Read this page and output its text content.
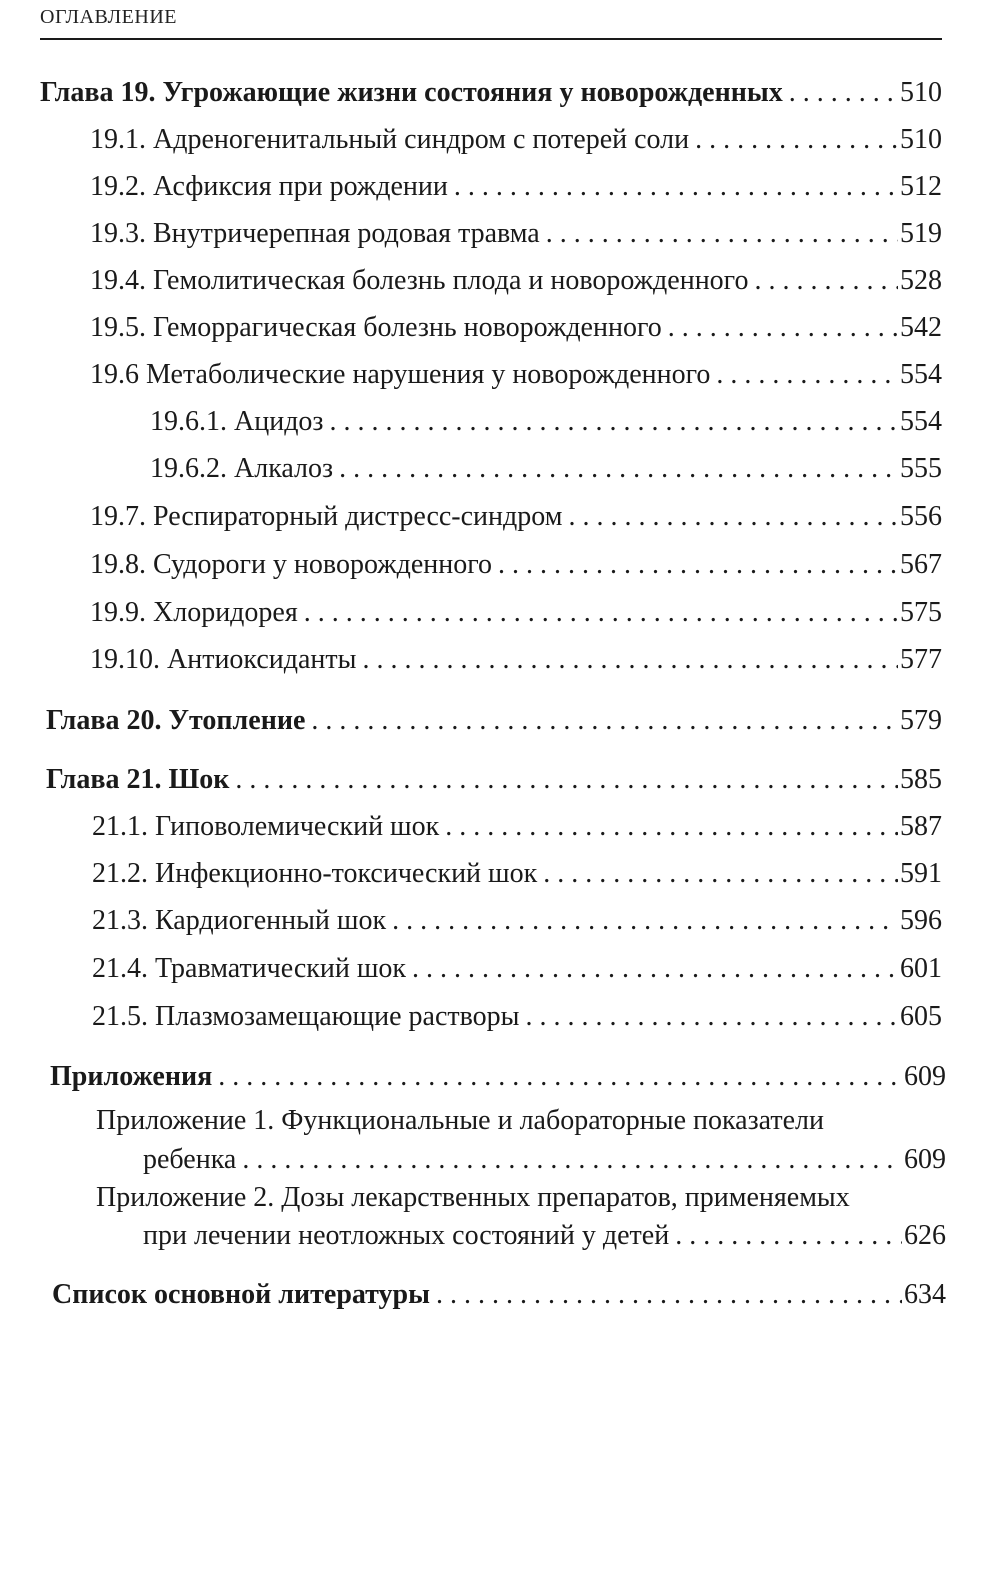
ОГЛАВЛЕНИЕ
Глава 19. Угрожающие жизни состояния у новорожденных . . .	510
19.1. Адреногенитальный синдром с потерей соли . . .	510
19.2. Асфиксия при рождении . . .	512
19.3. Внутричерепная родовая травма . . .	519
19.4. Гемолитическая болезнь плода и новорожденного . . .	528
19.5. Геморрагическая болезнь новорожденного . . .	542
19.6 Метаболические нарушения у новорожденного . . .	554
19.6.1. Ацидоз . . .	554
19.6.2. Алкалоз . . .	555
19.7. Респираторный дистресс-синдром . . .	556
19.8. Судороги у новорожденного . . .	567
19.9. Хлоридорея . . .	575
19.10. Антиоксиданты . . .	577
Глава 20. Утопление . . .	579
Глава 21. Шок . . .	585
21.1. Гиповолемический шок . . .	587
21.2. Инфекционно-токсический шок . . .	591
21.3. Кардиогенный шок . . .	596
21.4. Травматический шок . . .	601
21.5. Плазмозамещающие растворы . . .	605
Приложения . . .	609
Приложение 1. Функциональные и лабораторные показатели
ребенка . . .	609
Приложение 2. Дозы лекарственных препаратов, применяемых
при лечении неотложных состояний у детей . . .	626
Список основной литературы . . .	634
